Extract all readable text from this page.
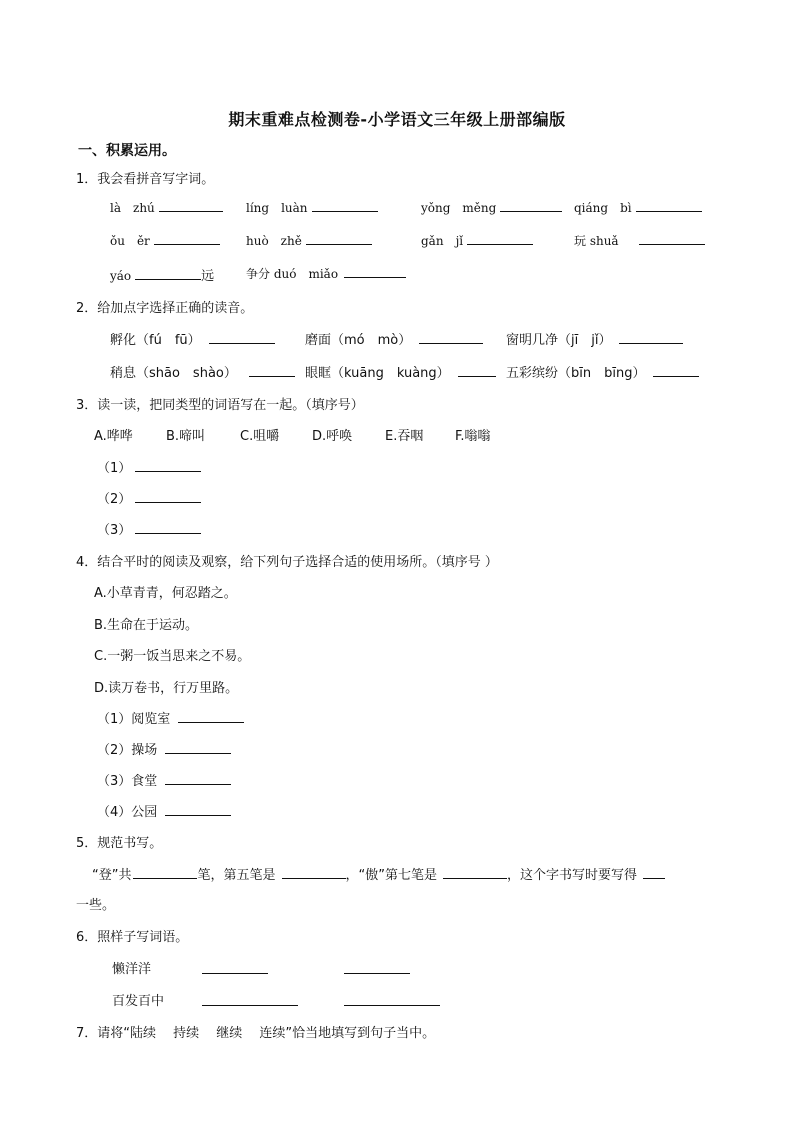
期末重难点检测卷-小学语文三年级上册部编版
一、积累运用。
1．我会看拼音写字词。
là　zhú	líng　luàn	yǒng　měng	qiáng　bì
ǒu　ěr	huò　zhě	gǎn　jǐ	玩 shuǎ
yáo	远	争分 duó　miǎo
2．给加点字选择正确的读音。
孵化（fú　fū）	磨面（mó　mò）	窗明几净（jī　jǐ）
稍息（shāo　shào）	眼眶（kuāng　kuàng）	五彩缤纷（bīn　bīng）
3．读一读，把同类型的词语写在一起。（填序号）
A.哗哗	B.啼叫	C.咀嚼	D.呼唤	E.吞咽 F.嗡嗡
（1）
（2）
（3）
4．结合平时的阅读及观察，给下列句子选择合适的使用场所。（填序号 ）
A.小草青青，何忍踏之。
B.生命在于运动。
C.一粥一饭当思来之不易。
D.读万卷书，行万里路。
（1）阅览室
（2）操场
（3）食堂
（4）公园
5．规范书写。
“登”共	笔，第五笔是	，“傲”第七笔是	，这个字书写时要写得
一些。
6．照样子写词语。
懒洋洋
百发百中
7．请将“陆续　 持续　 继续　 连续”恰当地填写到句子当中。
